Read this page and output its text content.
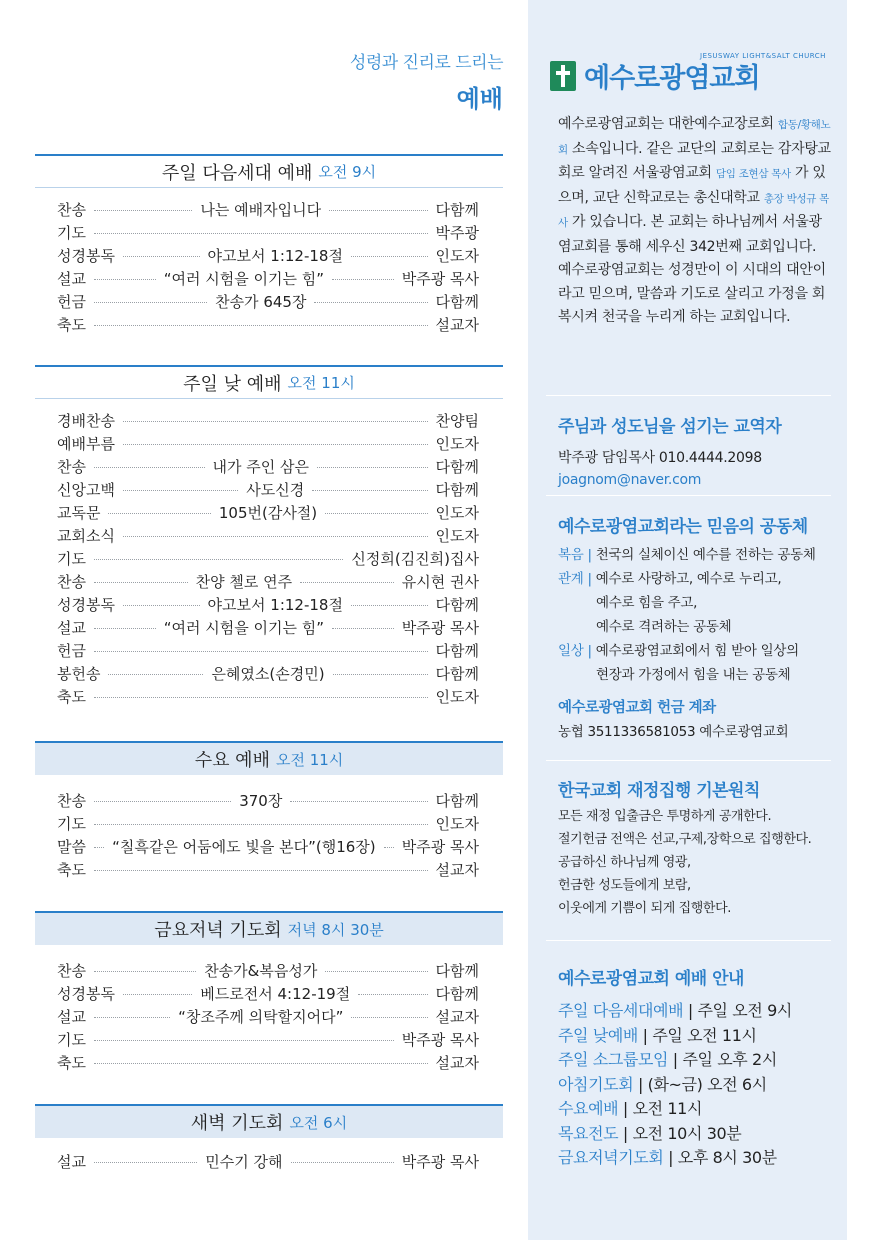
성령과 진리로 드리는
예배
주일 다음세대 예배 오전 9시
찬송	나는 예배자입니다	다함께
기도	박주광
성경봉독	야고보서 1:12-18절	인도자
설교	“여러 시험을 이기는 힘”	박주광 목사
헌금	찬송가 645장	다함께
축도	설교자
주일 낮 예배 오전 11시
경배찬송	찬양팀
예배부름	인도자
찬송	내가 주인 삼은	다함께
신앙고백	사도신경	다함께
교독문	105번(감사절)	인도자
교회소식	인도자
기도	신정희(김진희)집사
찬송	찬양 첼로 연주	유시현 권사
성경봉독	야고보서 1:12-18절	다함께
설교	“여러 시험을 이기는 힘”	박주광 목사
헌금	다함께
봉헌송	은혜였소(손경민)	다함께
축도	인도자
수요 예배 오전 11시
찬송	370장	다함께
기도	인도자
말씀 “칠흑같은 어둠에도 빛을 본다”(행16장) 박주광 목사
축도	설교자
금요저녁 기도회 저녁 8시 30분
찬송	찬송가&복음성가	다함께
성경봉독	베드로전서 4:12-19절	다함께
설교	“창조주께 의탁할지어다”	설교자
기도	박주광 목사
축도	설교자
새벽 기도회 오전 6시
설교	민수기 강해	박주광 목사
예수로광염교회
JESUSWAY LIGHT&SALT CHURCH
예수로광염교회는 대한예수교장로회 합동/황해노회 소속입니다. 같은 교단의 교회로는 감자탕교회로 알려진 서울광염교회 담임 조현삼 목사 가 있으며, 교단 신학교로는 총신대학교 총장 박성규 목사 가 있습니다. 본 교회는 하나님께서 서울광염교회를 통해 세우신 342번째 교회입니다.
예수로광염교회는 성경만이 이 시대의 대안이라고 믿으며, 말씀과 기도로 살리고 가정을 회복시켜 천국을 누리게 하는 교회입니다.
주님과 성도님을 섬기는 교역자
박주광 담임목사 010.4444.2098
joagnom@naver.com
예수로광염교회라는 믿음의 공동체
복음 | 천국의 실체이신 예수를 전하는 공동체
관계 | 예수로 사랑하고, 예수로 누리고,
예수로 힘을 주고,
예수로 격려하는 공동체
일상 | 예수로광염교회에서 힘 받아 일상의
현장과 가정에서 힘을 내는 공동체
예수로광염교회 헌금 계좌
농협 3511336581053 예수로광염교회
한국교회 재정집행 기본원칙
모든 재정 입출금은 투명하게 공개한다.
절기헌금 전액은 선교,구제,장학으로 집행한다.
공급하신 하나님께 영광,
헌금한 성도들에게 보람,
이웃에게 기쁨이 되게 집행한다.
예수로광염교회 예배 안내
주일 다음세대예배 | 주일 오전 9시
주일 낮예배 | 주일 오전 11시
주일 소그룹모임 | 주일 오후 2시
아침기도회 | (화~금) 오전 6시
수요예배 | 오전 11시
목요전도 | 오전 10시 30분
금요저녁기도회 | 오후 8시 30분
